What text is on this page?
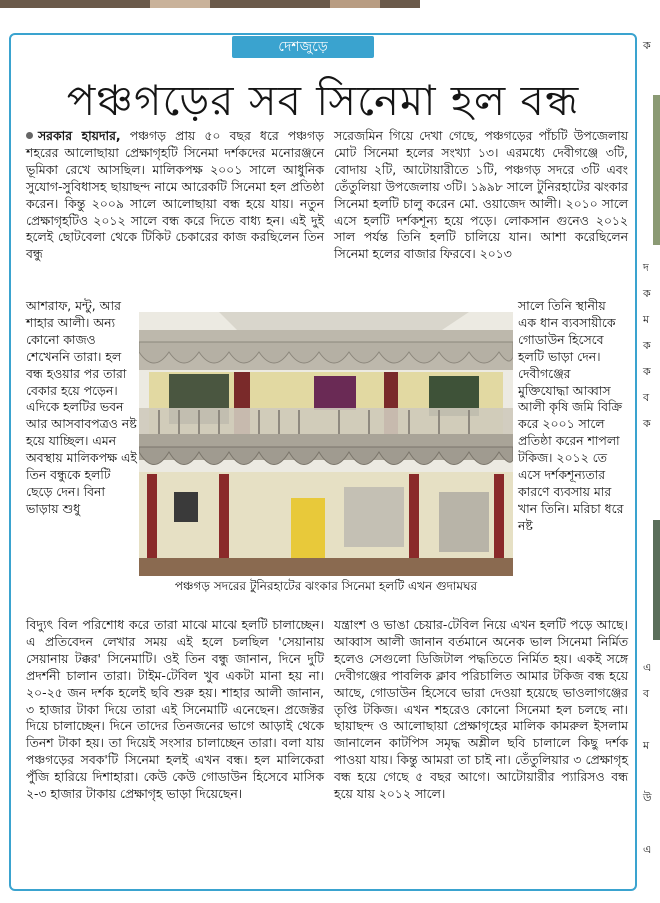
ক
দ
ক
ম
ক
ক
ব
ক
এ
ব
ম
উ
এ
দেশজুড়ে
পঞ্চগড়ের সব সিনেমা হল বন্ধ

সরকার হায়দার, পঞ্চগড় প্রায় ৫০ বছর ধরে পঞ্চগড় শহরের আলোছায়া প্রেক্ষাগৃহটি সিনেমা দর্শকদের মনোরঞ্জনে ভূমিকা রেখে আসছিল। মালিকপক্ষ ২০০১ সালে আধুনিক সুযোগ-সুবিধাসহ ছায়াছন্দ নামে আরেকটি সিনেমা হল প্রতিষ্ঠা করেন। কিন্তু ২০০৯ সালে আলোছায়া বন্ধ হয়ে যায়। নতুন প্রেক্ষাগৃহটিও ২০১২ সালে বন্ধ করে দিতে বাধ্য হন। এই দুই হলেই ছোটবেলা থেকে টিকিট চেকারের কাজ করছিলেন তিন বন্ধু

সরেজমিন গিয়ে দেখা গেছে, পঞ্চগড়ের পাঁচটি উপজেলায় মোট সিনেমা হলের সংখ্যা ১৩। এরমধ্যে দেবীগঞ্জে ৩টি, বোদায় ২টি, আটোয়ারীতে ১টি, পঞ্চগড় সদরে ৩টি এবং তেঁতুলিয়া উপজেলায় ৩টি। ১৯৯৮ সালে টুনিরহাটের ঝংকার সিনেমা হলটি চালু করেন মো. ওয়াজেদ আলী। ২০১০ সালে এসে হলটি দর্শকশূন্য হয়ে পড়ে। লোকসান গুনেও ২০১২ সাল পর্যন্ত তিনি হলটি চালিয়ে যান। আশা করেছিলেন সিনেমা হলের বাজার ফিরবে। ২০১৩

আশরাফ, মন্টু, আর শাহার আলী। অন্য কোনো কাজও শেখেননি তারা। হল বন্ধ হওয়ার পর তারা বেকার হয়ে পড়েন। এদিকে হলটির ভবন আর আসবাবপত্রও নষ্ট হয়ে যাচ্ছিল। এমন অবস্থায় মালিকপক্ষ এই তিন বন্ধুকে হলটি ছেড়ে দেন। বিনা ভাড়ায় শুধু

পঞ্চগড় সদরের টুনিরহাটের ঝংকার সিনেমা হলটি এখন গুদামঘর

সালে তিনি স্থানীয় এক ধান ব্যবসায়ীকে গোডাউন হিসেবে হলটি ভাড়া দেন। দেবীগঞ্জের মুক্তিযোদ্ধা আব্বাস আলী কৃষি জমি বিক্রি করে ২০০১ সালে প্রতিষ্ঠা করেন শাপলা টকিজ। ২০১২ তে এসে দর্শকশূন্যতার কারণে ব্যবসায় মার খান তিনি। মরিচা ধরে নষ্ট

বিদ্যুৎ বিল পরিশোধ করে তারা মাঝে মাঝে হলটি চালাচ্ছেন। এ প্রতিবেদন লেখার সময় এই হলে চলছিল 'সেয়ানায় সেয়ানায় টক্কর' সিনেমাটি। ওই তিন বন্ধু জানান, দিনে দুটি প্রদর্শনী চালান তারা। টাইম-টেবিল খুব একটা মানা হয় না। ২০-২৫ জন দর্শক হলেই ছবি শুরু হয়। শাহার আলী জানান, ৩ হাজার টাকা দিয়ে তারা এই সিনেমাটি এনেছেন। প্রজেক্টর দিয়ে চালাচ্ছেন। দিনে তাদের তিনজনের ভাগে আড়াই থেকে তিনশ টাকা হয়। তা দিয়েই সংসার চালাচ্ছেন তারা। বলা যায় পঞ্চগড়ের সবক'টি সিনেমা হলই এখন বন্ধ। হল মালিকেরা পুঁজি হারিয়ে দিশাহারা। কেউ কেউ গোডাউন হিসেবে মাসিক ২-৩ হাজার টাকায় প্রেক্ষাগৃহ ভাড়া দিয়েছেন।

যন্ত্রাংশ ও ভাঙা চেয়ার-টেবিল নিয়ে এখন হলটি পড়ে আছে। আব্বাস আলী জানান বর্তমানে অনেক ভাল সিনেমা নির্মিত হলেও সেগুলো ডিজিটাল পদ্ধতিতে নির্মিত হয়। একই সঙ্গে দেবীগঞ্জের পাবলিক ক্লাব পরিচালিত আমার টকিজ বন্ধ হয়ে আছে, গোডাউন হিসেবে ভারা দেওয়া হয়েছে ভাওলাগঞ্জের তৃপ্তি টকিজ। এখন শহরেও কোনো সিনেমা হল চলছে না। ছায়াছন্দ ও আলোছায়া প্রেক্ষাগৃহের মালিক কামরুল ইসলাম জানালেন কাটপিস সমৃদ্ধ অশ্লীল ছবি চালালে কিছু দর্শক পাওয়া যায়। কিন্তু আমরা তা চাই না। তেঁতুলিয়ার ৩ প্রেক্ষাগৃহ বন্ধ হয়ে গেছে ৫ বছর আগে। আটোয়ারীর প্যারিসও বন্ধ হয়ে যায় ২০১২ সালে।
